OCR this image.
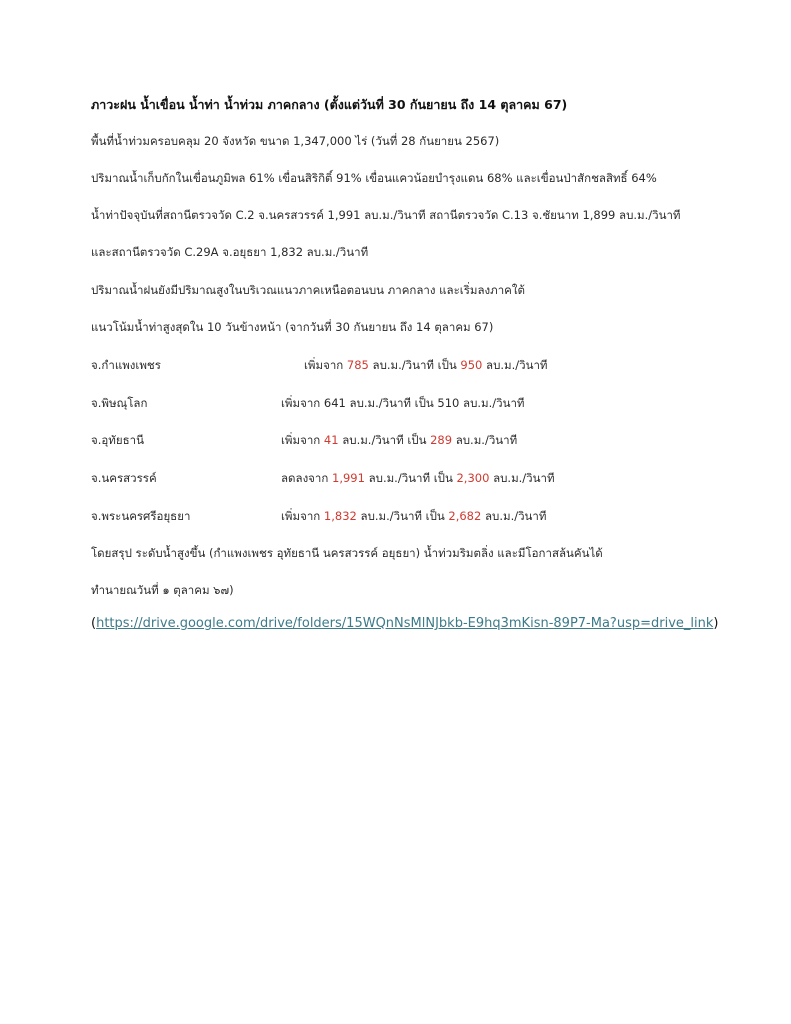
ภาวะฝน น้ำเขื่อน น้ำท่า น้ำท่วม ภาคกลาง (ตั้งแต่วันที่ 30 กันยายน ถึง 14 ตุลาคม 67)
พื้นที่น้ำท่วมครอบคลุม 20 จังหวัด ขนาด 1,347,000 ไร่ (วันที่ 28 กันยายน 2567)
ปริมาณน้ำเก็บกักในเขื่อนภูมิพล 61% เขื่อนสิริกิติ์ 91% เขื่อนแควน้อยบำรุงแดน 68% และเขื่อนป่าสักชลสิทธิ์ 64%
น้ำท่าปัจจุบันที่สถานีตรวจวัด C.2 จ.นครสวรรค์ 1,991 ลบ.ม./วินาที สถานีตรวจวัด C.13 จ.ชัยนาท 1,899 ลบ.ม./วินาที
และสถานีตรวจวัด C.29A จ.อยุธยา 1,832 ลบ.ม./วินาที
ปริมาณน้ำฝนยังมีปริมาณสูงในบริเวณแนวภาคเหนือตอนบน ภาคกลาง และเริ่มลงภาคใต้
แนวโน้มน้ำท่าสูงสุดใน 10 วันข้างหน้า (จากวันที่ 30 กันยายน ถึง 14 ตุลาคม 67)
จ.กำแพงเพชร	เพิ่มจาก 785 ลบ.ม./วินาที เป็น 950 ลบ.ม./วินาที
จ.พิษณุโลก	เพิ่มจาก 641 ลบ.ม./วินาที เป็น 510 ลบ.ม./วินาที
จ.อุทัยธานี	เพิ่มจาก 41 ลบ.ม./วินาที เป็น 289 ลบ.ม./วินาที
จ.นครสวรรค์	ลดลงจาก 1,991 ลบ.ม./วินาที เป็น 2,300 ลบ.ม./วินาที
จ.พระนครศรีอยุธยา	เพิ่มจาก 1,832 ลบ.ม./วินาที เป็น 2,682 ลบ.ม./วินาที
โดยสรุป ระดับน้ำสูงขึ้น (กำแพงเพชร อุทัยธานี นครสวรรค์ อยุธยา) น้ำท่วมริมตลิ่ง และมีโอกาสล้นคันได้
ทำนายณวันที่ ๑ ตุลาคม ๖๗)
(https://drive.google.com/drive/folders/15WQnNsMlNJbkb-E9hq3mKisn-89P7-Ma?usp=drive_link)
